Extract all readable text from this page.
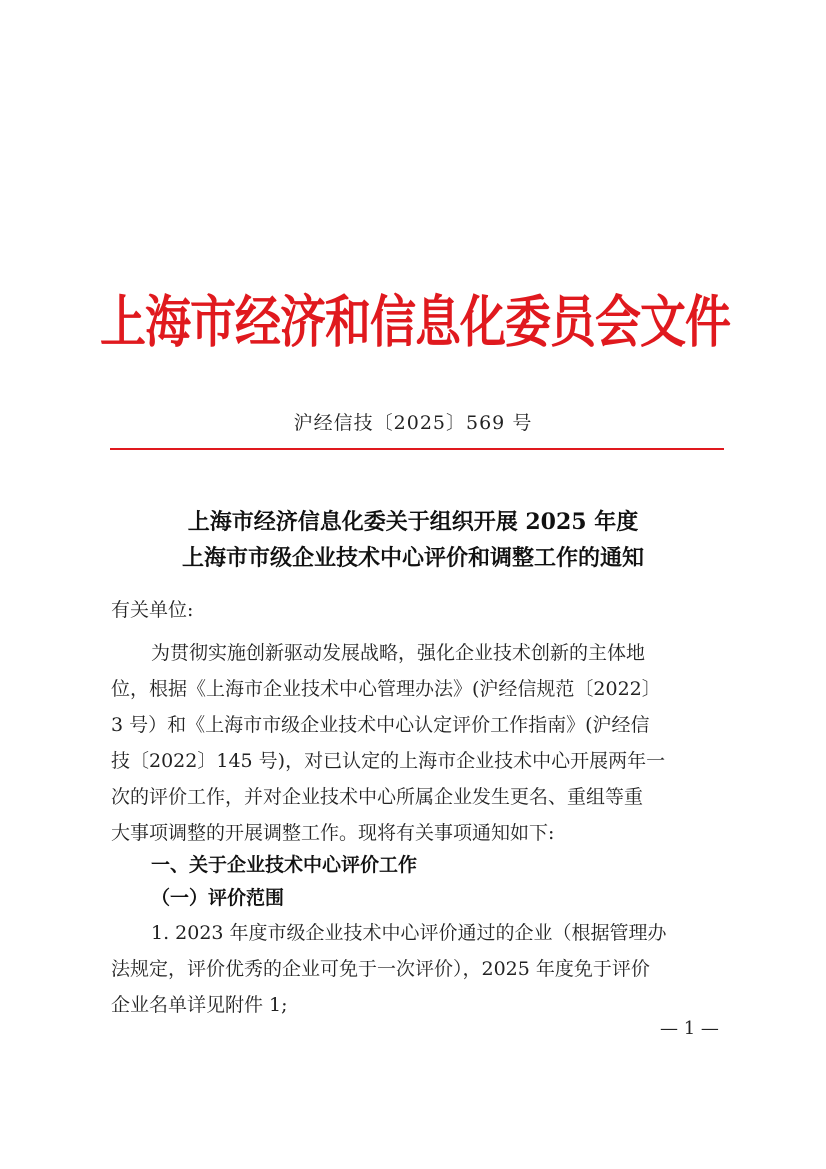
上海市经济和信息化委员会文件
沪经信技〔2025〕569 号
上海市经济信息化委关于组织开展 2025 年度
上海市市级企业技术中心评价和调整工作的通知
有关单位:
为贯彻实施创新驱动发展战略，强化企业技术创新的主体地
位，根据《上海市企业技术中心管理办法》(沪经信规范〔2022〕
3 号）和《上海市市级企业技术中心认定评价工作指南》(沪经信
技〔2022〕145 号)，对已认定的上海市企业技术中心开展两年一
次的评价工作，并对企业技术中心所属企业发生更名、重组等重
大事项调整的开展调整工作。现将有关事项通知如下:
一、关于企业技术中心评价工作
（一）评价范围
1. 2023 年度市级企业技术中心评价通过的企业（根据管理办
法规定，评价优秀的企业可免于一次评价），2025 年度免于评价
企业名单详见附件 1;
— 1 —
